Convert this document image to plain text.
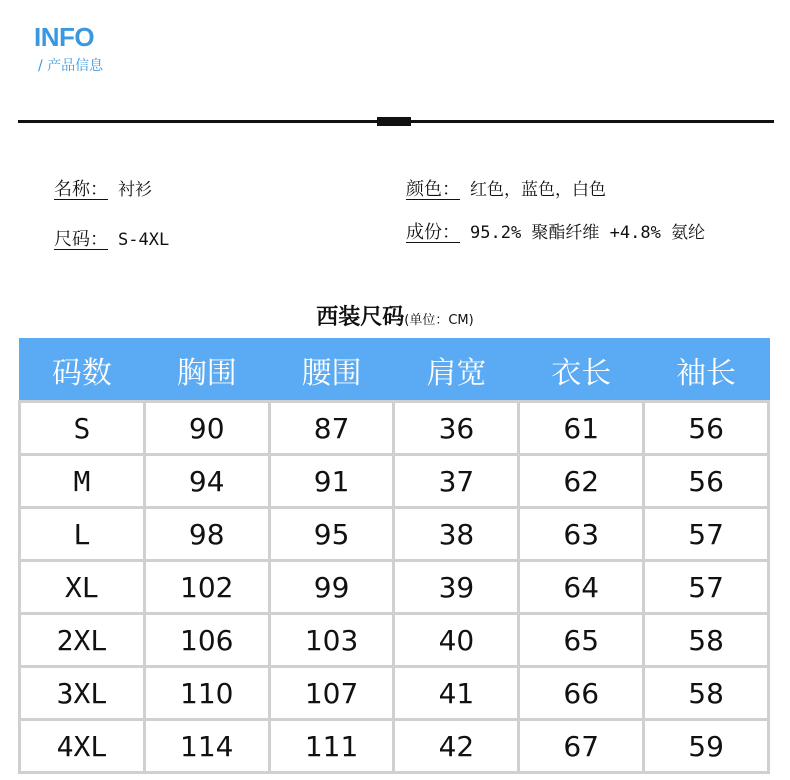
INFO
/ 产品信息
名称： 衬衫
尺码： S-4XL
颜色： 红色，蓝色，白色
成份： 95.2% 聚酯纤维 +4.8% 氨纶
西装尺码(单位：CM)
码数	胸围	腰围	肩宽	衣长	袖长
S	90	87	36	61	56
M	94	91	37	62	56
L	98	95	38	63	57
XL	102	99	39	64	57
2XL	106	103	40	65	58
3XL	110	107	41	66	58
4XL	114	111	42	67	59
